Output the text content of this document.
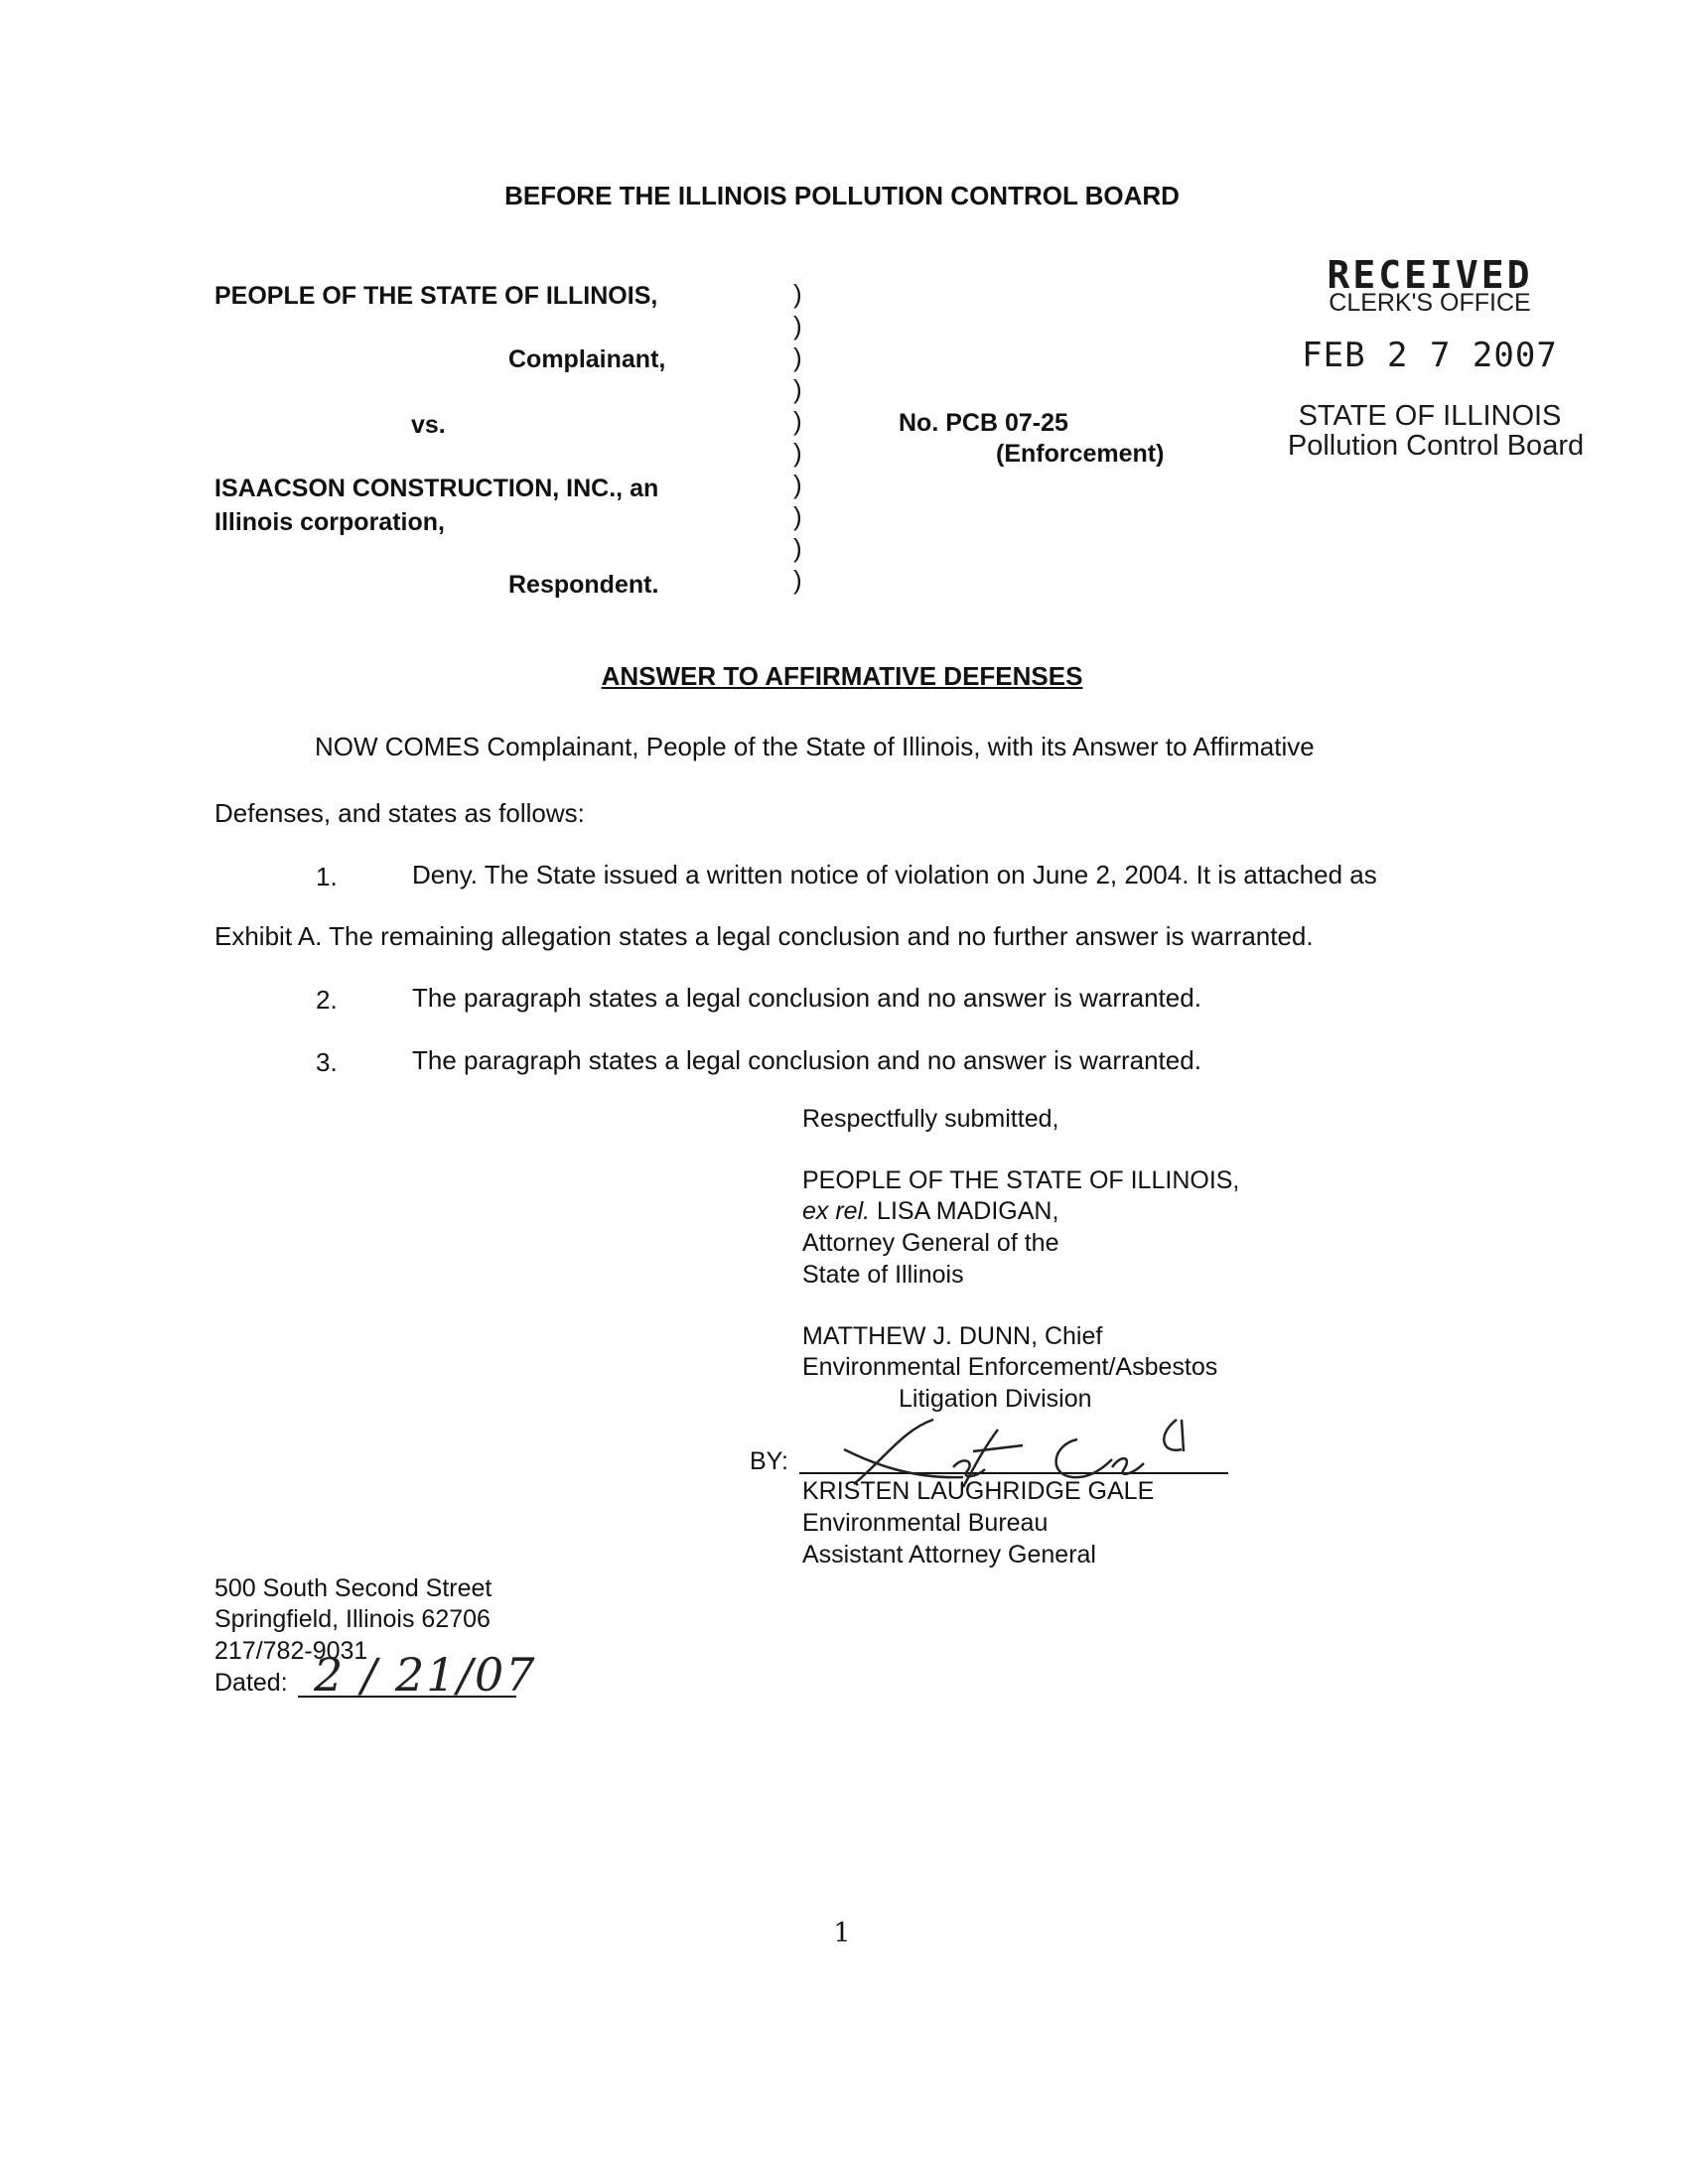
BEFORE THE ILLINOIS POLLUTION CONTROL BOARD
PEOPLE OF THE STATE OF ILLINOIS,
Complainant,
vs.
ISAACSON CONSTRUCTION, INC., an
Illinois corporation,
Respondent.
)
)
)
)
)
)
)
)
)
)
No. PCB 07-25
(Enforcement)
RECEIVED
CLERK'S OFFICE
FEB 2 7 2007
STATE OF ILLINOIS
Pollution Control Board
ANSWER TO AFFIRMATIVE DEFENSES
NOW COMES Complainant, People of the State of Illinois, with its Answer to Affirmative
Defenses, and states as follows:
1.	Deny. The State issued a written notice of violation on June 2, 2004. It is attached as
Exhibit A. The remaining allegation states a legal conclusion and no further answer is warranted.
2.	The paragraph states a legal conclusion and no answer is warranted.
3.	The paragraph states a legal conclusion and no answer is warranted.
Respectfully submitted,
PEOPLE OF THE STATE OF ILLINOIS,
ex rel. LISA MADIGAN,
Attorney General of the
State of Illinois
MATTHEW J. DUNN, Chief
Environmental Enforcement/Asbestos
Litigation Division
BY:
KRISTEN LAUGHRIDGE GALE
Environmental Bureau
Assistant Attorney General
500 South Second Street
Springfield, Illinois 62706
217/782-9031
Dated: 2 / 21/07
1
